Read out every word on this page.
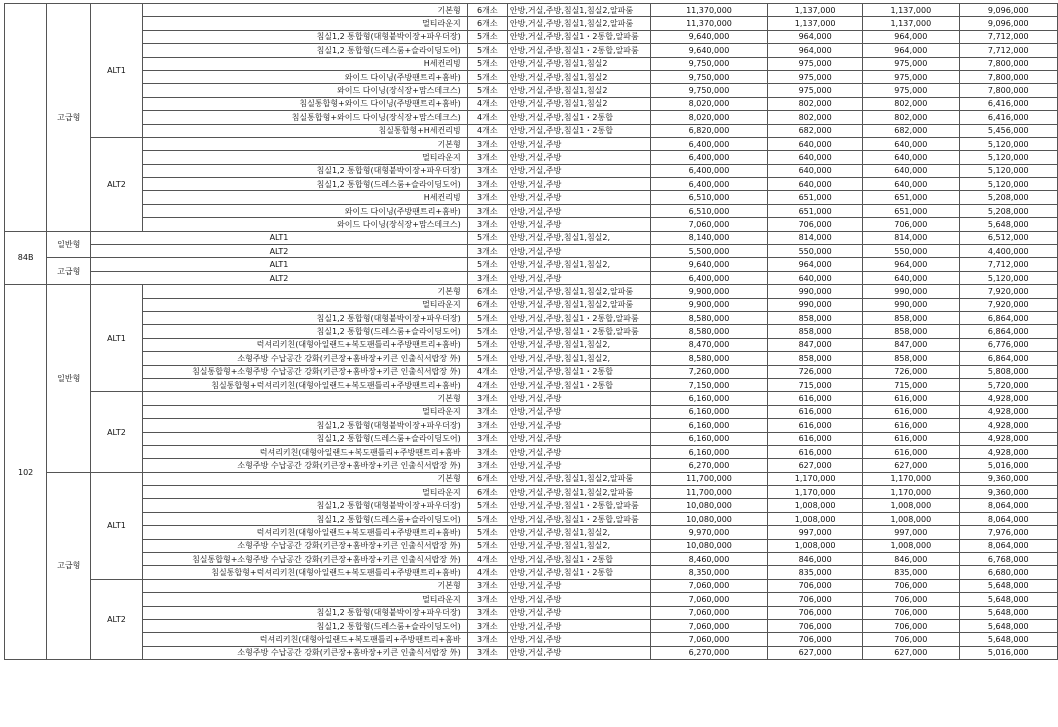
	고급형	ALT1	기본형	6개소	안방,거실,주방,침실1,침실2,알파룸	11,370,000	1,137,000	1,137,000	9,096,000
			멀티라운지	6개소	안방,거실,주방,침실1,침실2,알파룸	11,370,000	1,137,000	1,137,000	9,096,000
			침실1,2 통합형(대형붙박이장+파우더장)	5개소	안방,거실,주방,침실1・2통합,알파룸	9,640,000	964,000	964,000	7,712,000
			침실1,2 통합형(드레스룸+슬라이딩도어)	5개소	안방,거실,주방,침실1・2통합,알파룸	9,640,000	964,000	964,000	7,712,000
			H세컨리빙	5개소	안방,거실,주방,침실1,침실2	9,750,000	975,000	975,000	7,800,000
			와이드 다이닝(주방팬트리+홈바)	5개소	안방,거실,주방,침실1,침실2	9,750,000	975,000	975,000	7,800,000
			와이드 다이닝(장식장+맘스데크스)	5개소	안방,거실,주방,침실1,침실2	9,750,000	975,000	975,000	7,800,000
			침실통합형+와이드 다이닝(주방팬트리+홈바)	4개소	안방,거실,주방,침실1,침실2	8,020,000	802,000	802,000	6,416,000
			침실통합형+와이드 다이닝(장식장+맘스데크스)	4개소	안방,거실,주방,침실1・2통합	8,020,000	802,000	802,000	6,416,000
			침실통합형+H세컨리빙	4개소	안방,거실,주방,침실1・2통합	6,820,000	682,000	682,000	5,456,000
		ALT2	기본형	3개소	안방,거실,주방	6,400,000	640,000	640,000	5,120,000
			멀티라운지	3개소	안방,거실,주방	6,400,000	640,000	640,000	5,120,000
			침실1,2 통합형(대형붙박이장+파우더장)	3개소	안방,거실,주방	6,400,000	640,000	640,000	5,120,000
			침실1,2 통합형(드레스룸+슬라이딩도어)	3개소	안방,거실,주방	6,400,000	640,000	640,000	5,120,000
			H세컨리빙	3개소	안방,거실,주방	6,510,000	651,000	651,000	5,208,000
			와이드 다이닝(주방팬트리+홈바)	3개소	안방,거실,주방	6,510,000	651,000	651,000	5,208,000
			와이드 다이닝(장식장+맘스데크스)	3개소	안방,거실,주방	7,060,000	706,000	706,000	5,648,000
84B	일반형	ALT1		5개소	안방,거실,주방,침실1,침실2,	8,140,000	814,000	814,000	6,512,000
		ALT2		3개소	안방,거실,주방	5,500,000	550,000	550,000	4,400,000
	고급형	ALT1		5개소	안방,거실,주방,침실1,침실2,	9,640,000	964,000	964,000	7,712,000
		ALT2		3개소	안방,거실,주방	6,400,000	640,000	640,000	5,120,000
102	일반형	ALT1	기본형	6개소	안방,거실,주방,침실1,침실2,알파룸	9,900,000	990,000	990,000	7,920,000
			멀티라운지	6개소	안방,거실,주방,침실1,침실2,알파룸	9,900,000	990,000	990,000	7,920,000
			침실1,2 통합형(대형붙박이장+파우더장)	5개소	안방,거실,주방,침실1・2통합,알파룸	8,580,000	858,000	858,000	6,864,000
			침실1,2 통합형(드레스룸+슬라이딩도어)	5개소	안방,거실,주방,침실1・2통합,알파룸	8,580,000	858,000	858,000	6,864,000
			럭셔리키친(대형아일랜드+복도팬틀리+주방팬트리+홈바)	5개소	안방,거실,주방,침실1,침실2,	8,470,000	847,000	847,000	6,776,000
			소형주방 수납공간 강화(키큰장+홈바장+키큰 인출식서랍장 外)	5개소	안방,거실,주방,침실1,침실2,	8,580,000	858,000	858,000	6,864,000
			침실통합형+소형주방 수납공간 강화(키큰장+홈바장+키큰 인출식서랍장 外)	4개소	안방,거실,주방,침실1・2통합	7,260,000	726,000	726,000	5,808,000
			침실통합형+럭셔리키친(대형아일랜드+복도팬틀리+주방팬트리+홈바)	4개소	안방,거실,주방,침실1・2통합	7,150,000	715,000	715,000	5,720,000
		ALT2	기본형	3개소	안방,거실,주방	6,160,000	616,000	616,000	4,928,000
			멀티라운지	3개소	안방,거실,주방	6,160,000	616,000	616,000	4,928,000
			침실1,2 통합형(대형붙박이장+파우더장)	3개소	안방,거실,주방	6,160,000	616,000	616,000	4,928,000
			침실1,2 통합형(드레스룸+슬라이딩도어)	3개소	안방,거실,주방	6,160,000	616,000	616,000	4,928,000
			럭셔리키친(대형아일랜드+복도팬틀리+주방팬트리+홈바	3개소	안방,거실,주방	6,160,000	616,000	616,000	4,928,000
			소형주방 수납공간 강화(키큰장+홈바장+키큰 인출식서랍장 外)	3개소	안방,거실,주방	6,270,000	627,000	627,000	5,016,000
	고급형	ALT1	기본형	6개소	안방,거실,주방,침실1,침실2,알파룸	11,700,000	1,170,000	1,170,000	9,360,000
			멀티라운지	6개소	안방,거실,주방,침실1,침실2,알파룸	11,700,000	1,170,000	1,170,000	9,360,000
			침실1,2 통합형(대형붙박이장+파우더장)	5개소	안방,거실,주방,침실1・2통합,알파룸	10,080,000	1,008,000	1,008,000	8,064,000
			침실1,2 통합형(드레스룸+슬라이딩도어)	5개소	안방,거실,주방,침실1・2통합,알파룸	10,080,000	1,008,000	1,008,000	8,064,000
			럭셔리키친(대형아일랜드+복도팬틀리+주방팬트리+홈바)	5개소	안방,거실,주방,침실1,침실2,	9,970,000	997,000	997,000	7,976,000
			소형주방 수납공간 강화(키큰장+홈바장+키큰 인출식서랍장 外)	5개소	안방,거실,주방,침실1,침실2,	10,080,000	1,008,000	1,008,000	8,064,000
			침실통합형+소형주방 수납공간 강화(키큰장+홈바장+키큰 인출식서랍장 外)	4개소	안방,거실,주방,침실1・2통합	8,460,000	846,000	846,000	6,768,000
			침실통합형+럭셔리키친(대형아일랜드+복도팬틀리+주방팬트리+홈바)	4개소	안방,거실,주방,침실1・2통합	8,350,000	835,000	835,000	6,680,000
		ALT2	기본형	3개소	안방,거실,주방	7,060,000	706,000	706,000	5,648,000
			멀티라운지	3개소	안방,거실,주방	7,060,000	706,000	706,000	5,648,000
			침실1,2 통합형(대형붙박이장+파우더장)	3개소	안방,거실,주방	7,060,000	706,000	706,000	5,648,000
			침실1,2 통합형(드레스룸+슬라이딩도어)	3개소	안방,거실,주방	7,060,000	706,000	706,000	5,648,000
			럭셔리키친(대형아일랜드+복도팬틀리+주방팬트리+홈바	3개소	안방,거실,주방	7,060,000	706,000	706,000	5,648,000
			소형주방 수납공간 강화(키큰장+홈바장+키큰 인출식서랍장 外)	3개소	안방,거실,주방	6,270,000	627,000	627,000	5,016,000
